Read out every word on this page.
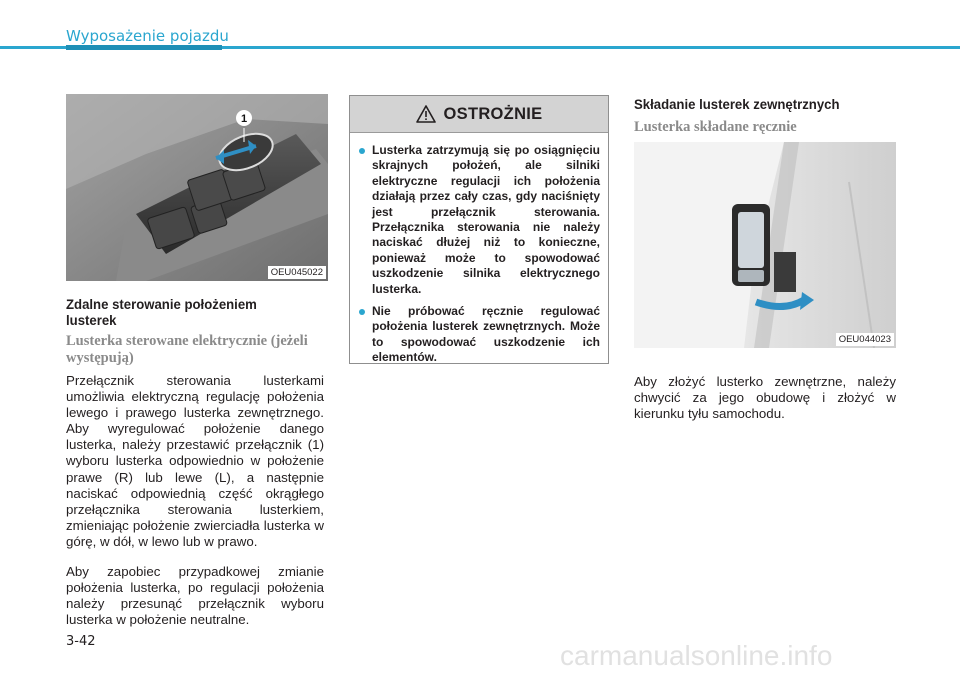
Wyposażenie pojazdu
1
OEU045022
Zdalne sterowanie położeniem lusterek
Lusterka sterowane elektrycznie (jeżeli występują)
Przełącznik sterowania lusterkami umożliwia elektryczną regulację położenia lewego i prawego lusterka zewnętrznego. Aby wyregulować położenie danego lusterka, należy przestawić przełącznik (1) wyboru lusterka odpowiednio w położenie prawe (R) lub lewe (L), a następnie naciskać odpowiednią część okrągłego przełącznika sterowania lusterkiem, zmieniając położenie zwierciadła lusterka w górę, w dół, w lewo lub w prawo.
Aby zapobiec przypadkowej zmianie położenia lusterka, po regulacji położenia należy przesunąć przełącznik wyboru lusterka w położenie neutralne.
OSTROŻNIE
Lusterka zatrzymują się po osiągnięciu skrajnych położeń, ale silniki elektryczne regulacji ich położenia działają przez cały czas, gdy naciśnięty jest przełącznik sterowania. Przełącznika sterowania nie należy naciskać dłużej niż to konieczne, ponieważ może to spowodować uszkodzenie silnika elektrycznego lusterka.
Nie próbować ręcznie regulować położenia lusterek zewnętrznych. Może to spowodować uszkodzenie ich elementów.
Składanie lusterek zewnętrznych
Lusterka składane ręcznie
OEU044023
Aby złożyć lusterko zewnętrzne, należy chwycić za jego obudowę i złożyć w kierunku tyłu samochodu.
3-42	carmanualsonline.info
